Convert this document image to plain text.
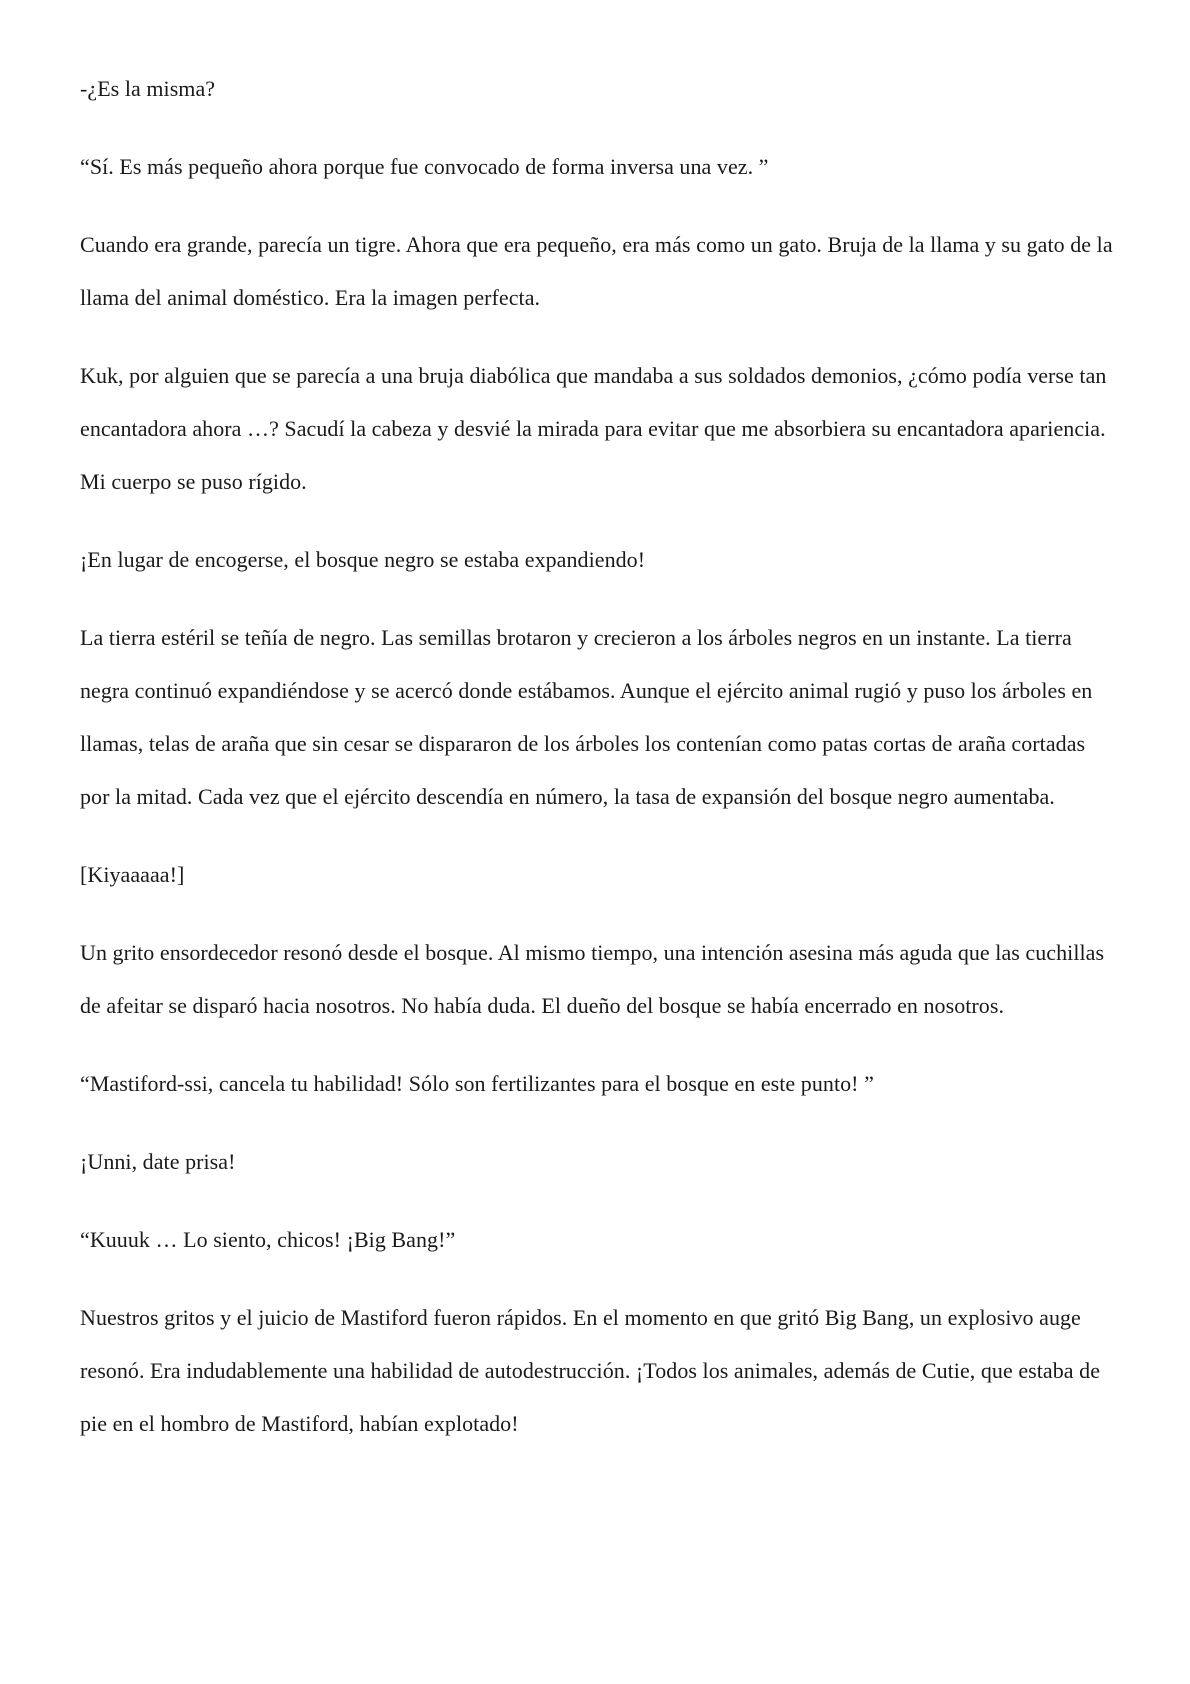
-¿Es la misma?

“Sí. Es más pequeño ahora porque fue convocado de forma inversa una vez. ”

Cuando era grande, parecía un tigre. Ahora que era pequeño, era más como un gato. Bruja de la llama y su gato de la llama del animal doméstico. Era la imagen perfecta.

Kuk, por alguien que se parecía a una bruja diabólica que mandaba a sus soldados demonios, ¿cómo podía verse tan encantadora ahora …? Sacudí la cabeza y desvié la mirada para evitar que me absorbiera su encantadora apariencia. Mi cuerpo se puso rígido.

¡En lugar de encogerse, el bosque negro se estaba expandiendo!

La tierra estéril se teñía de negro. Las semillas brotaron y crecieron a los árboles negros en un instante. La tierra negra continuó expandiéndose y se acercó donde estábamos. Aunque el ejército animal rugió y puso los árboles en llamas, telas de araña que sin cesar se dispararon de los árboles los contenían como patas cortas de araña cortadas por la mitad. Cada vez que el ejército descendía en número, la tasa de expansión del bosque negro aumentaba.

[Kiyaaaaa!]

Un grito ensordecedor resonó desde el bosque. Al mismo tiempo, una intención asesina más aguda que las cuchillas de afeitar se disparó hacia nosotros. No había duda. El dueño del bosque se había encerrado en nosotros.

“Mastiford-ssi, cancela tu habilidad! Sólo son fertilizantes para el bosque en este punto! ”

¡Unni, date prisa!

“Kuuuk … Lo siento, chicos! ¡Big Bang!”

Nuestros gritos y el juicio de Mastiford fueron rápidos. En el momento en que gritó Big Bang, un explosivo auge resonó. Era indudablemente una habilidad de autodestrucción. ¡Todos los animales, además de Cutie, que estaba de pie en el hombro de Mastiford, habían explotado!
